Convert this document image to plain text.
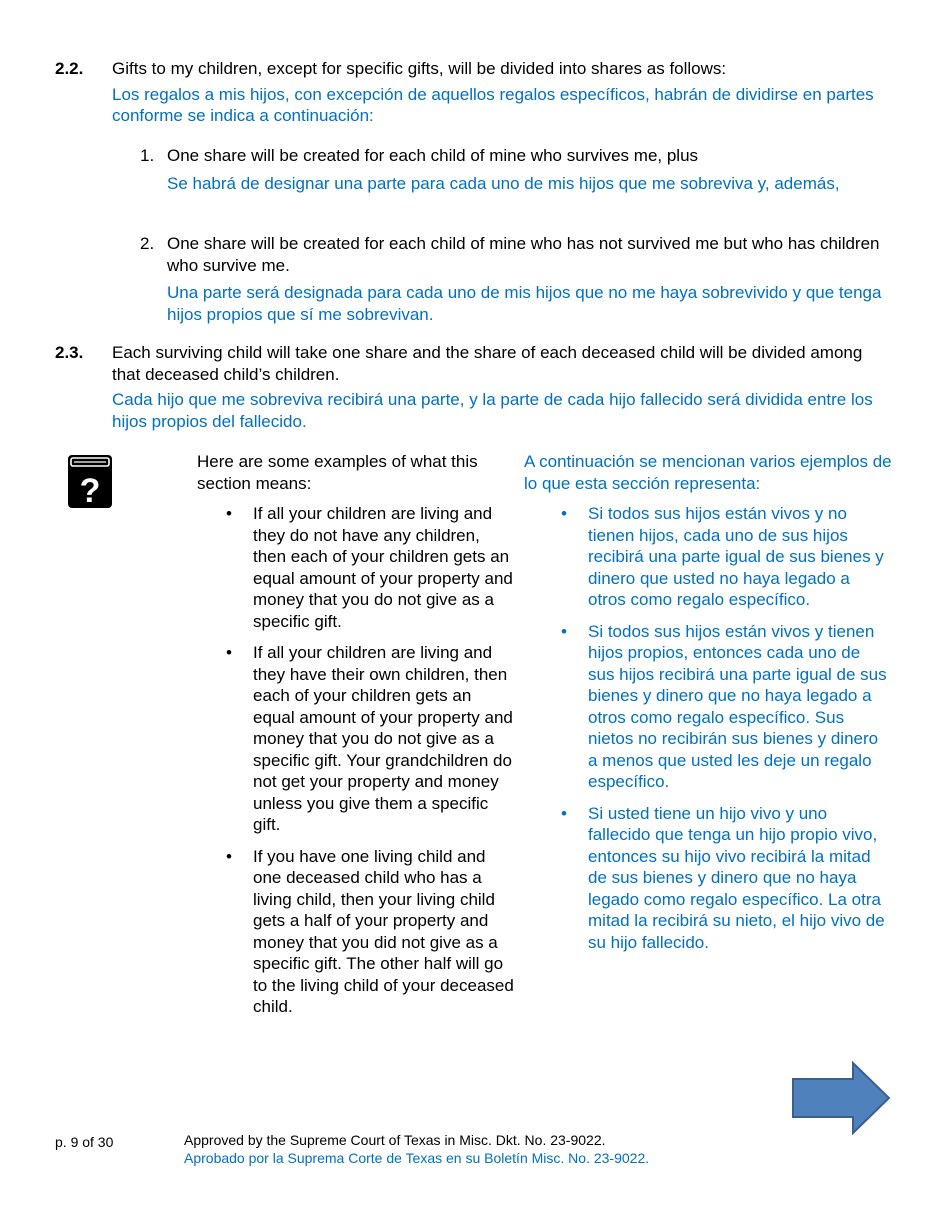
2.2. Gifts to my children, except for specific gifts, will be divided into shares as follows:
Los regalos a mis hijos, con excepción de aquellos regalos específicos, habrán de dividirse en partes conforme se indica a continuación:
1. One share will be created for each child of mine who survives me, plus
Se habrá de designar una parte para cada uno de mis hijos que me sobreviva y, además,
2. One share will be created for each child of mine who has not survived me but who has children who survive me.
Una parte será designada para cada uno de mis hijos que no me haya sobrevivido y que tenga hijos propios que sí me sobrevivan.
2.3. Each surviving child will take one share and the share of each deceased child will be divided among that deceased child’s children.
Cada hijo que me sobreviva recibirá una parte, y la parte de cada hijo fallecido será dividida entre los hijos propios del fallecido.
?
Here are some examples of what this section means:
• If all your children are living and they do not have any children, then each of your children gets an equal amount of your property and money that you do not give as a specific gift.
• If all your children are living and they have their own children, then each of your children gets an equal amount of your property and money that you do not give as a specific gift. Your grandchildren do not get your property and money unless you give them a specific gift.
• If you have one living child and one deceased child who has a living child, then your living child gets a half of your property and money that you did not give as a specific gift. The other half will go to the living child of your deceased child.
A continuación se mencionan varios ejemplos de lo que esta sección representa:
• Si todos sus hijos están vivos y no tienen hijos, cada uno de sus hijos recibirá una parte igual de sus bienes y dinero que usted no haya legado a otros como regalo específico.
• Si todos sus hijos están vivos y tienen hijos propios, entonces cada uno de sus hijos recibirá una parte igual de sus bienes y dinero que no haya legado a otros como regalo específico. Sus nietos no recibirán sus bienes y dinero a menos que usted les deje un regalo específico.
• Si usted tiene un hijo vivo y uno fallecido que tenga un hijo propio vivo, entonces su hijo vivo recibirá la mitad de sus bienes y dinero que no haya legado como regalo específico. La otra mitad la recibirá su nieto, el hijo vivo de su hijo fallecido.
p. 9 of 30	Approved by the Supreme Court of Texas in Misc. Dkt. No. 23-9022.
Aprobado por la Suprema Corte de Texas en su Boletín Misc. No. 23-9022.
